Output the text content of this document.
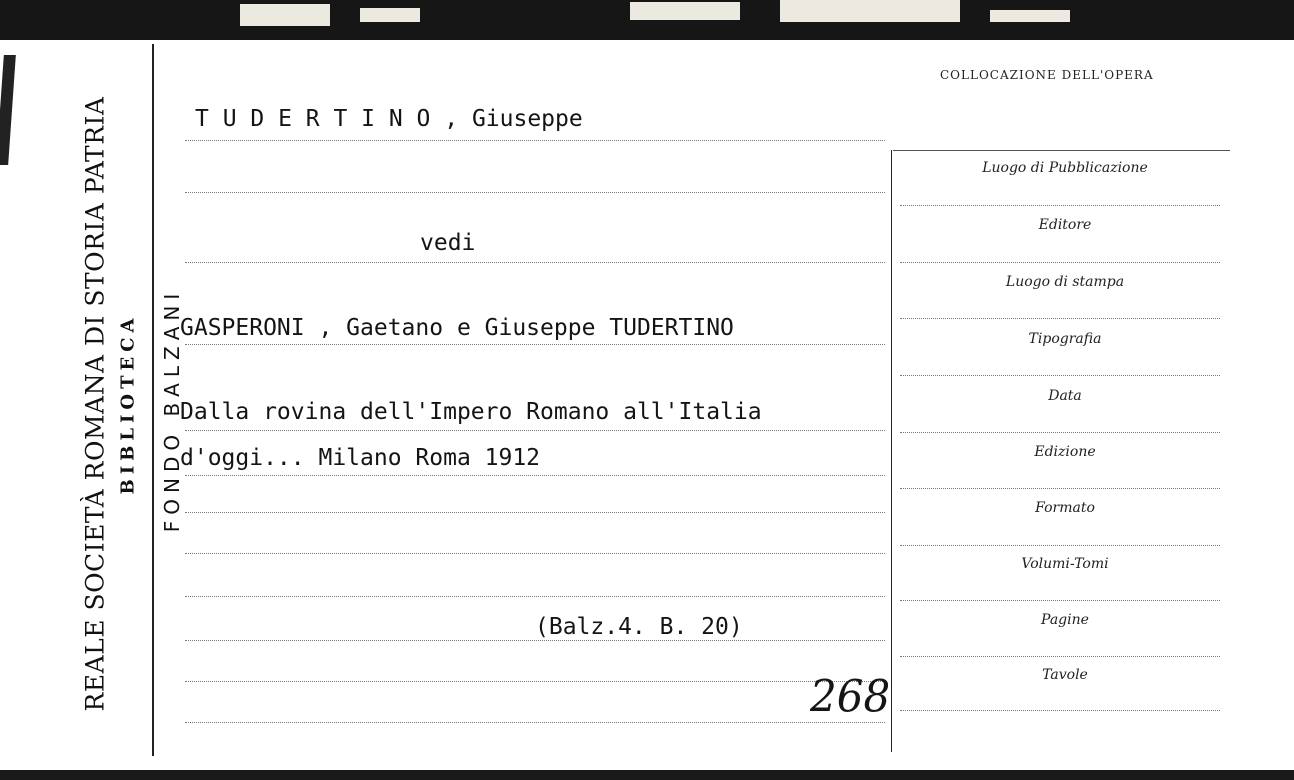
REALE SOCIETÀ ROMANA DI STORIA PATRIA BIBLIOTECA FONDO BALZANI
COLLOCAZIONE DELL'OPERA
Luogo di Pubblicazione
Editore
Luogo di stampa
Tipografia
Data
Edizione
Formato
Volumi-Tomi
Pagine
Tavole
T U D E R T I N O , Giuseppe
vedi
GASPERONI , Gaetano e Giuseppe TUDERTINO
Dalla rovina dell'Impero Romano all'Italia
d'oggi... Milano Roma 1912
(Balz.4. B. 20)
268
